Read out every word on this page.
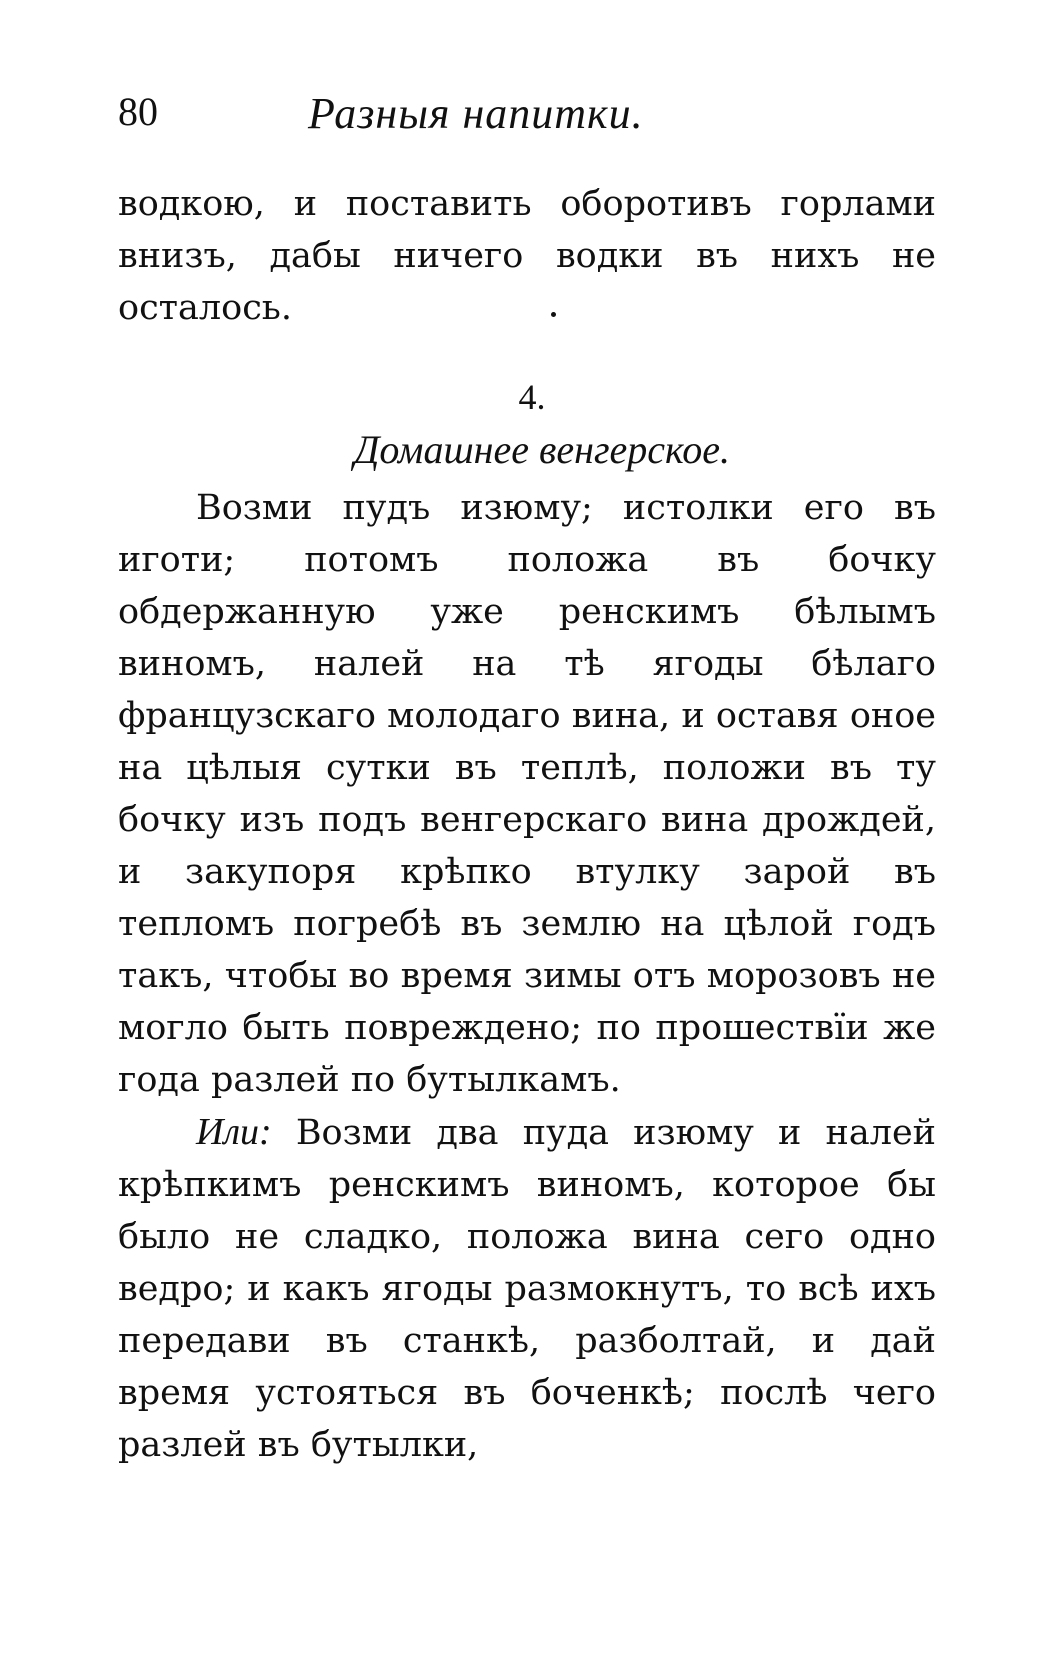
80	Разныя напитки.

водкою, и поставить оборотивъ горлами внизъ, дабы ничего водки въ нихъ не осталось.

4.
Домашнее венгерское.

Возми пудъ изюму; истолки его въ иготи; потомъ положа въ бочку обдержанную уже ренскимъ бѣлымъ виномъ, налей на тѣ ягоды бѣлаго французскаго молодаго вина, и оставя оное на цѣлыя сутки въ теплѣ, положи въ ту бочку изъ подъ венгерскаго вина дрождей, и закупоря крѣпко втулку зарой въ тепломъ погребѣ въ землю на цѣлой годъ такъ, чтобы во время зимы отъ морозовъ не могло быть повреждено; по прошествїи же года разлей по бутылкамъ.

Или: Возми два пуда изюму и налей крѣпкимъ ренскимъ виномъ, которое бы было не сладко, положа вина сего одно ведро; и какъ ягоды размокнутъ, то всѣ ихъ передави въ станкѣ, разболтай, и дай время устояться въ боченкѣ; послѣ чего разлей въ бутылки,
